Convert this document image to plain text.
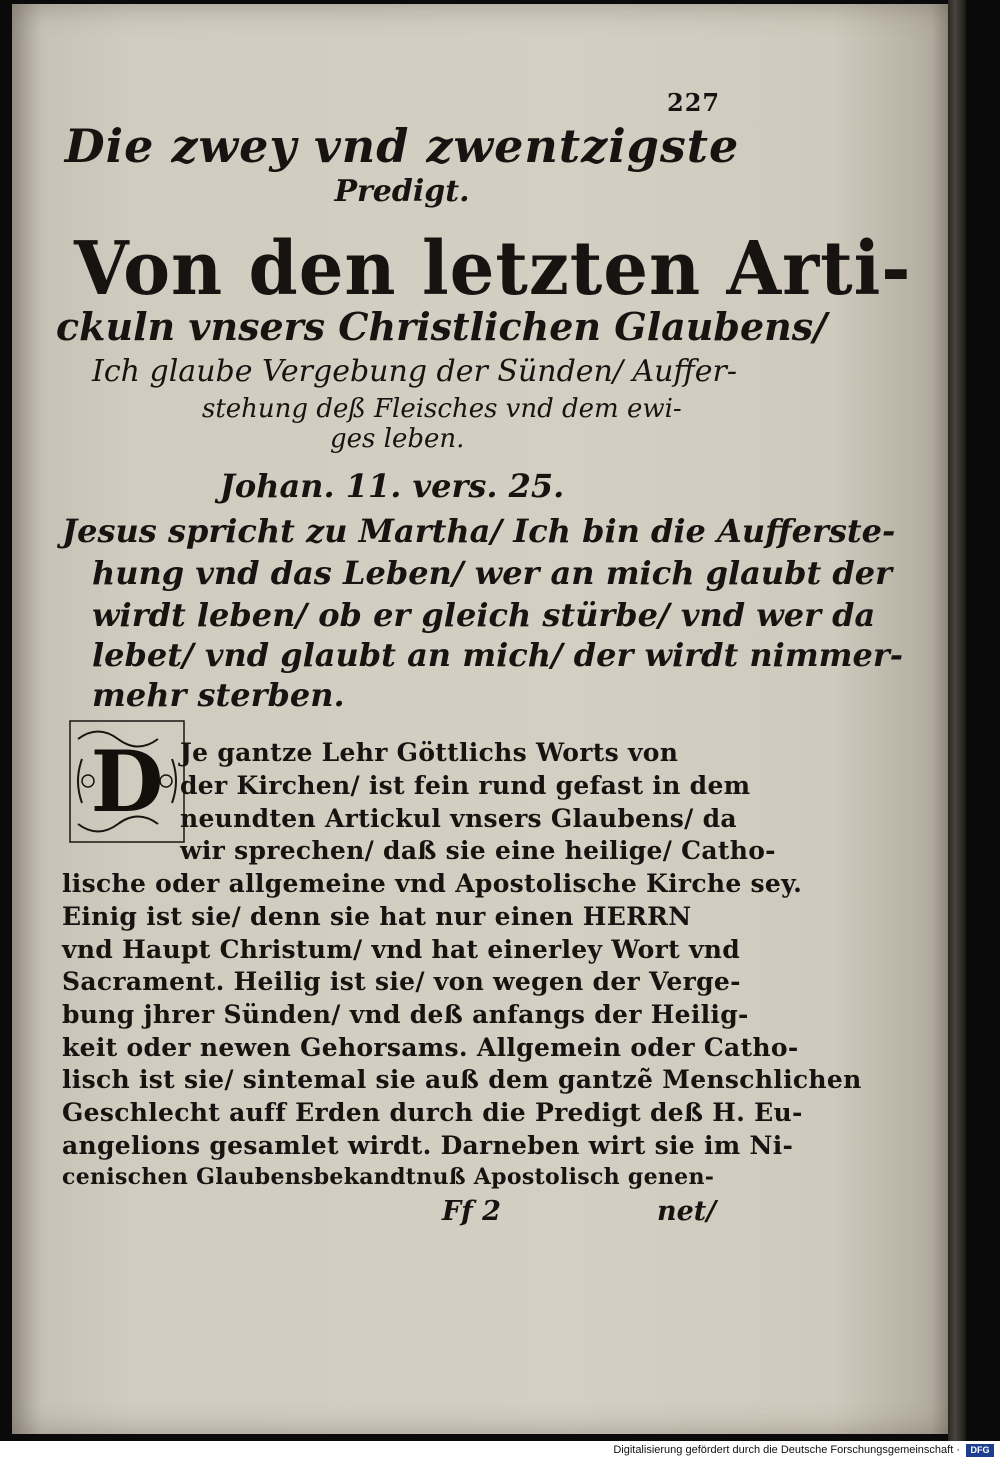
227
Die zwey vnd zwentzigste
Predigt.
Von den letzten Arti-
ckuln vnsers Christlichen Glaubens/
Ich glaube Vergebung der Sünden/ Auffer-
stehung deß Fleisches vnd dem ewi-
ges leben.
Johan. 11. vers. 25.
Jesus spricht zu Martha/ Ich bin die Aufferste-
hung vnd das Leben/ wer an mich glaubt der
wirdt leben/ ob er gleich stürbe/ vnd wer da
lebet/ vnd glaubt an mich/ der wirdt nimmer-
mehr sterben.
D Je gantze Lehr Göttlichs Worts von
der Kirchen/ ist fein rund gefast in dem
neundten Artickul vnsers Glaubens/ da
wir sprechen/ daß sie eine heilige/ Catho-
lische oder allgemeine vnd Apostolische Kirche sey.
Einig ist sie/ denn sie hat nur einen HERRN
vnd Haupt Christum/ vnd hat einerley Wort vnd
Sacrament. Heilig ist sie/ von wegen der Verge-
bung jhrer Sünden/ vnd deß anfangs der Heilig-
keit oder newen Gehorsams. Allgemein oder Catho-
lisch ist sie/ sintemal sie auß dem gantzẽ Menschlichen
Geschlecht auff Erden durch die Predigt deß H. Eu-
angelions gesamlet wirdt. Darneben wirt sie im Ni-
cenischen Glaubensbekandtnuß Apostolisch genen-
Ff 2	net/
Digitalisierung gefördert durch die Deutsche Forschungsgemeinschaft ·	DFG
